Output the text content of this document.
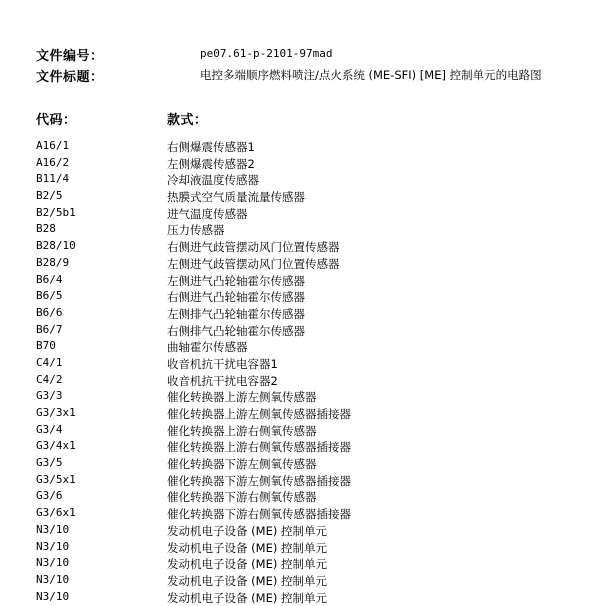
文件编号：	pe07.61-p-2101-97mad
文件标题：	电控多端顺序燃料喷注/点火系统 (ME-SFI) [ME] 控制单元的电路图
代码：	款式：
A16/1	右侧爆震传感器1
A16/2	左侧爆震传感器2
B11/4	冷却液温度传感器
B2/5	热膜式空气质量流量传感器
B2/5b1	进气温度传感器
B28	压力传感器
B28/10	右侧进气歧管摆动风门位置传感器
B28/9	左侧进气歧管摆动风门位置传感器
B6/4	左侧进气凸轮轴霍尔传感器
B6/5	右侧进气凸轮轴霍尔传感器
B6/6	左侧排气凸轮轴霍尔传感器
B6/7	右侧排气凸轮轴霍尔传感器
B70	曲轴霍尔传感器
C4/1	收音机抗干扰电容器1
C4/2	收音机抗干扰电容器2
G3/3	催化转换器上游左侧氧传感器
G3/3x1	催化转换器上游左侧氧传感器插接器
G3/4	催化转换器上游右侧氧传感器
G3/4x1	催化转换器上游右侧氧传感器插接器
G3/5	催化转换器下游左侧氧传感器
G3/5x1	催化转换器下游左侧氧传感器插接器
G3/6	催化转换器下游右侧氧传感器
G3/6x1	催化转换器下游右侧氧传感器插接器
N3/10	发动机电子设备 (ME) 控制单元
N3/10	发动机电子设备 (ME) 控制单元
N3/10	发动机电子设备 (ME) 控制单元
N3/10	发动机电子设备 (ME) 控制单元
N3/10	发动机电子设备 (ME) 控制单元
